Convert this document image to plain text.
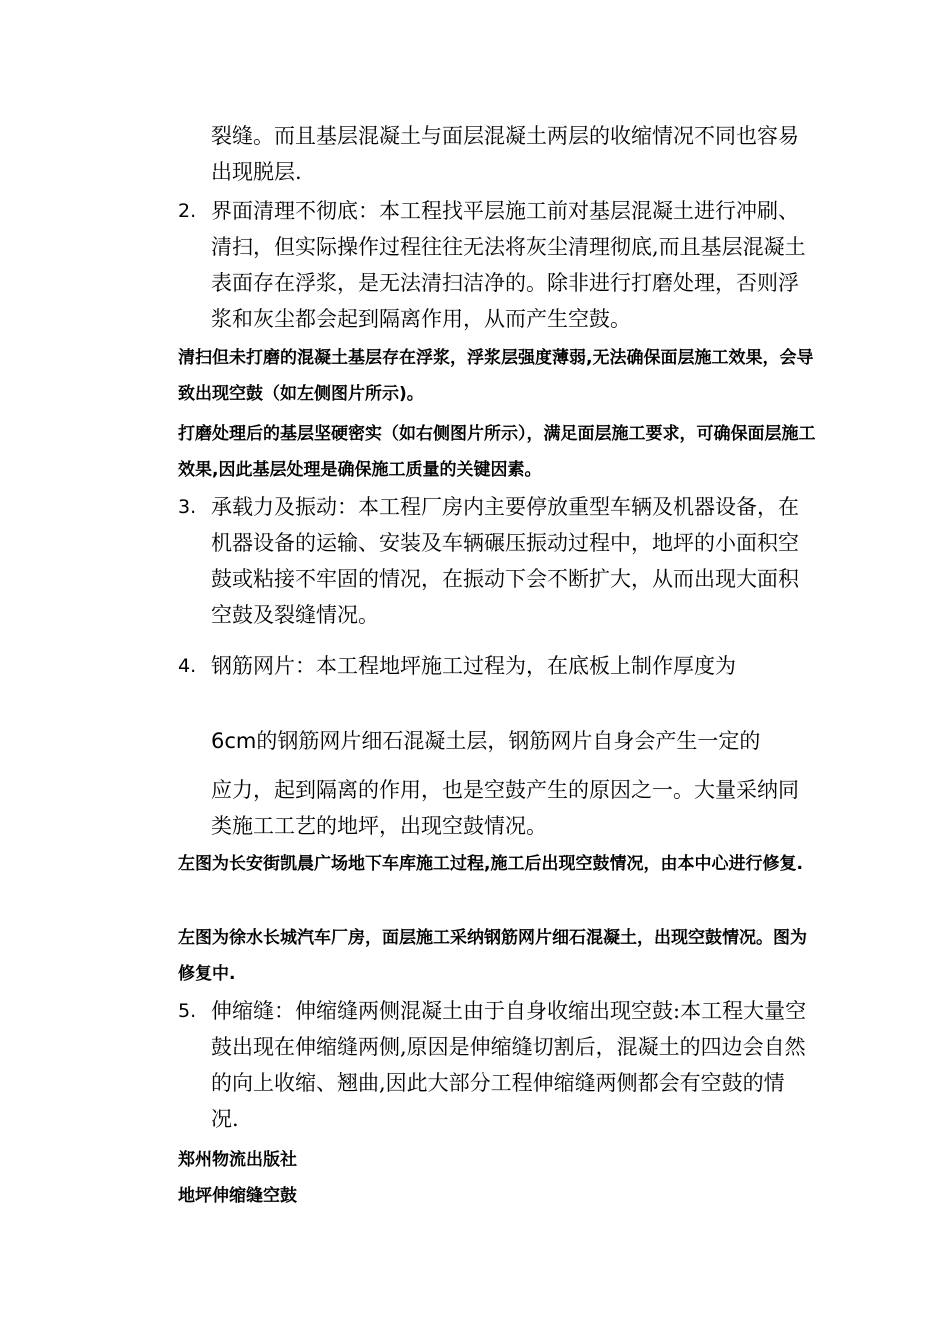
裂缝。而且基层混凝土与面层混凝土两层的收缩情况不同也容易出现脱层.

2. 界面清理不彻底：本工程找平层施工前对基层混凝土进行冲刷、清扫，但实际操作过程往往无法将灰尘清理彻底,而且基层混凝土表面存在浮浆，是无法清扫洁净的。除非进行打磨处理，否则浮浆和灰尘都会起到隔离作用，从而产生空鼓。

清扫但未打磨的混凝土基层存在浮浆，浮浆层强度薄弱,无法确保面层施工效果，会导致出现空鼓（如左侧图片所示)。

打磨处理后的基层坚硬密实（如右侧图片所示），满足面层施工要求，可确保面层施工效果,因此基层处理是确保施工质量的关键因素。

3. 承载力及振动：本工程厂房内主要停放重型车辆及机器设备，在机器设备的运输、安装及车辆碾压振动过程中，地坪的小面积空鼓或粘接不牢固的情况，在振动下会不断扩大，从而出现大面积空鼓及裂缝情况。

4. 钢筋网片：本工程地坪施工过程为，在底板上制作厚度为

6cm的钢筋网片细石混凝土层，钢筋网片自身会产生一定的

应力，起到隔离的作用，也是空鼓产生的原因之一。大量采纳同类施工工艺的地坪，出现空鼓情况。

左图为长安街凯晨广场地下车库施工过程,施工后出现空鼓情况，由本中心进行修复.

左图为徐水长城汽车厂房，面层施工采纳钢筋网片细石混凝土，出现空鼓情况。图为修复中.

5. 伸缩缝：伸缩缝两侧混凝土由于自身收缩出现空鼓:本工程大量空鼓出现在伸缩缝两侧,原因是伸缩缝切割后，混凝土的四边会自然的向上收缩、翘曲,因此大部分工程伸缩缝两侧都会有空鼓的情况.

郑州物流出版社

地坪伸缩缝空鼓
